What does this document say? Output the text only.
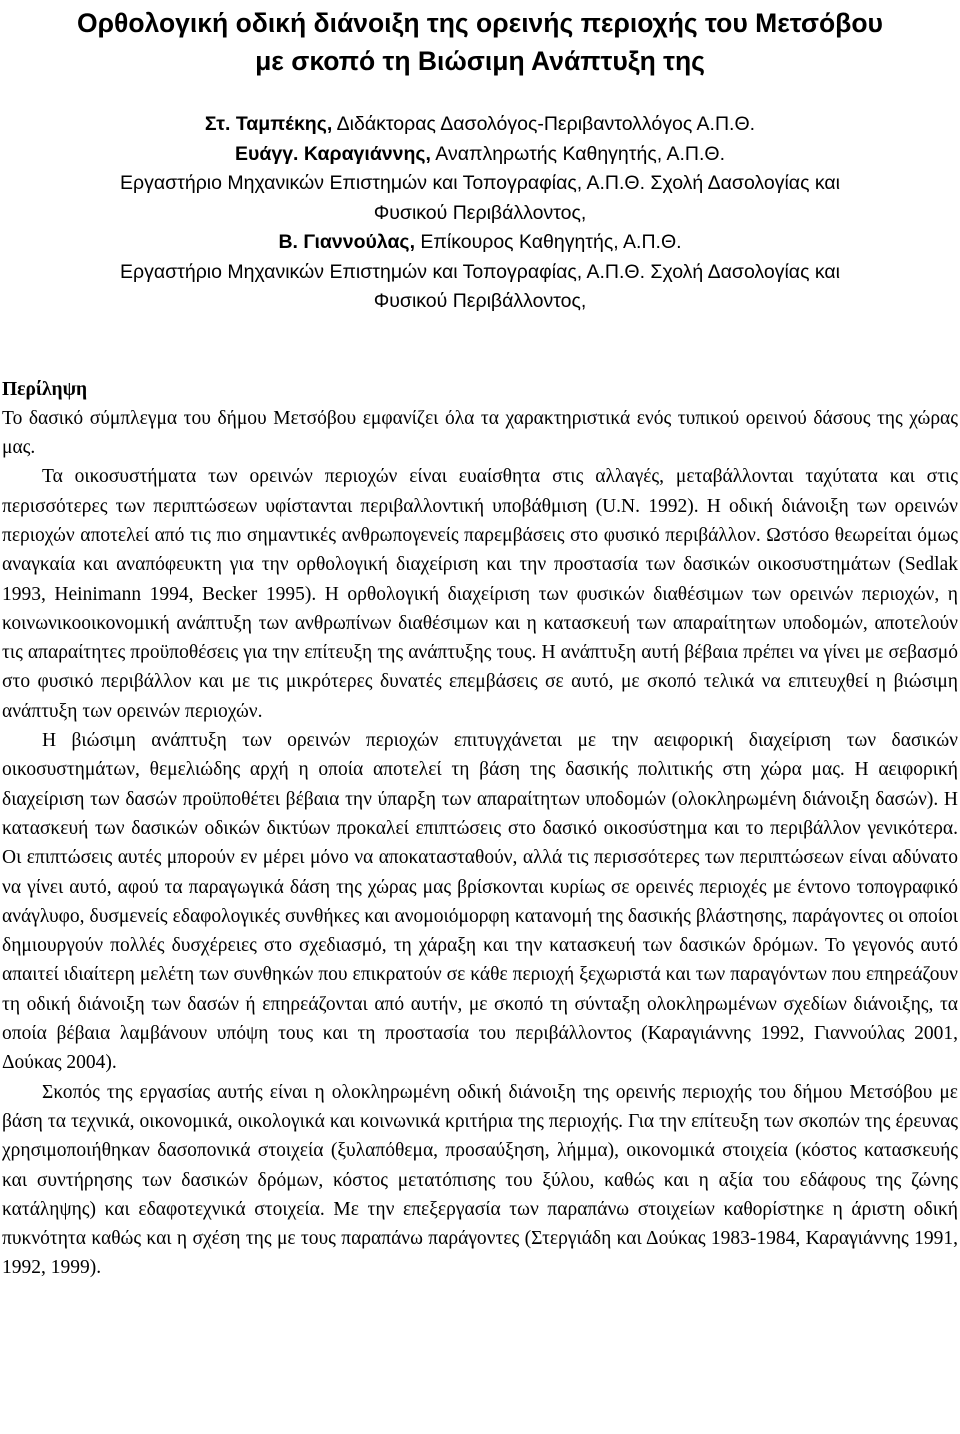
Ορθολογική οδική διάνοιξη της ορεινής περιοχής του Μετσόβου
με σκοπό τη Βιώσιμη Ανάπτυξη της
Στ. Ταμπέκης, Διδάκτορας Δασολόγος-Περιβαντολλόγος Α.Π.Θ.
Ευάγγ. Καραγιάννης, Αναπληρωτής Καθηγητής, Α.Π.Θ.
Εργαστήριο Μηχανικών Επιστημών και Τοπογραφίας, Α.Π.Θ. Σχολή Δασολογίας και
Φυσικού Περιβάλλοντος,
Β. Γιαννούλας, Επίκουρος Καθηγητής, Α.Π.Θ.
Εργαστήριο Μηχανικών Επιστημών και Τοπογραφίας, Α.Π.Θ. Σχολή Δασολογίας και
Φυσικού Περιβάλλοντος,
Περίληψη

Το δασικό σύμπλεγμα του δήμου Μετσόβου εμφανίζει όλα τα χαρακτηριστικά ενός τυπικού ορεινού δάσους της χώρας μας.

Τα οικοσυστήματα των ορεινών περιοχών είναι ευαίσθητα στις αλλαγές, μεταβάλλονται ταχύτατα και στις περισσότερες των περιπτώσεων υφίστανται περιβαλλοντική υποβάθμιση (U.N. 1992). Η οδική διάνοιξη των ορεινών περιοχών αποτελεί από τις πιο σημαντικές ανθρωπογενείς παρεμβάσεις στο φυσικό περιβάλλον. Ωστόσο θεωρείται όμως αναγκαία και αναπόφευκτη για την ορθολογική διαχείριση και την προστασία των δασικών οικοσυστημάτων (Sedlak 1993, Heinimann 1994, Becker 1995). Η ορθολογική διαχείριση των φυσικών διαθέσιμων των ορεινών περιοχών, η κοινωνικοοικονομική ανάπτυξη των ανθρωπίνων διαθέσιμων και η κατασκευή των απαραίτητων υποδομών, αποτελούν τις απαραίτητες προϋποθέσεις για την επίτευξη της ανάπτυξης τους. Η ανάπτυξη αυτή βέβαια πρέπει να γίνει με σεβασμό στο φυσικό περιβάλλον και με τις μικρότερες δυνατές επεμβάσεις σε αυτό, με σκοπό τελικά να επιτευχθεί η βιώσιμη ανάπτυξη των ορεινών περιοχών.

Η βιώσιμη ανάπτυξη των ορεινών περιοχών επιτυγχάνεται με την αειφορική διαχείριση των δασικών οικοσυστημάτων, θεμελιώδης αρχή η οποία αποτελεί τη βάση της δασικής πολιτικής στη χώρα μας. Η αειφορική διαχείριση των δασών προϋποθέτει βέβαια την ύπαρξη των απαραίτητων υποδομών (ολοκληρωμένη διάνοιξη δασών). Η κατασκευή των δασικών οδικών δικτύων προκαλεί επιπτώσεις στο δασικό οικοσύστημα και το περιβάλλον γενικότερα. Οι επιπτώσεις αυτές μπορούν εν μέρει μόνο να αποκατασταθούν, αλλά τις περισσότερες των περιπτώσεων είναι αδύνατο να γίνει αυτό, αφού τα παραγωγικά δάση της χώρας μας βρίσκονται κυρίως σε ορεινές περιοχές με έντονο τοπογραφικό ανάγλυφο, δυσμενείς εδαφολογικές συνθήκες και ανομοιόμορφη κατανομή της δασικής βλάστησης, παράγοντες οι οποίοι δημιουργούν πολλές δυσχέρειες στο σχεδιασμό, τη χάραξη και την κατασκευή των δασικών δρόμων. Το γεγονός αυτό απαιτεί ιδιαίτερη μελέτη των συνθηκών που επικρατούν σε κάθε περιοχή ξεχωριστά και των παραγόντων που επηρεάζουν τη οδική διάνοιξη των δασών ή επηρεάζονται από αυτήν, με σκοπό τη σύνταξη ολοκληρωμένων σχεδίων διάνοιξης, τα οποία βέβαια λαμβάνουν υπόψη τους και τη προστασία του περιβάλλοντος (Καραγιάννης 1992, Γιαννούλας 2001, Δούκας 2004).

Σκοπός της εργασίας αυτής είναι η ολοκληρωμένη οδική διάνοιξη της ορεινής περιοχής του δήμου Μετσόβου με βάση τα τεχνικά, οικονομικά, οικολογικά και κοινωνικά κριτήρια της περιοχής. Για την επίτευξη των σκοπών της έρευνας χρησιμοποιήθηκαν δασοπονικά στοιχεία (ξυλαπόθεμα, προσαύξηση, λήμμα), οικονομικά στοιχεία (κόστος κατασκευής και συντήρησης των δασικών δρόμων, κόστος μετατόπισης του ξύλου, καθώς και η αξία του εδάφους της ζώνης κατάληψης) και εδαφοτεχνικά στοιχεία. Με την επεξεργασία των παραπάνω στοιχείων καθορίστηκε η άριστη οδική πυκνότητα καθώς και η σχέση της με τους παραπάνω παράγοντες (Στεργιάδη και Δούκας 1983-1984, Καραγιάννης 1991, 1992, 1999).
